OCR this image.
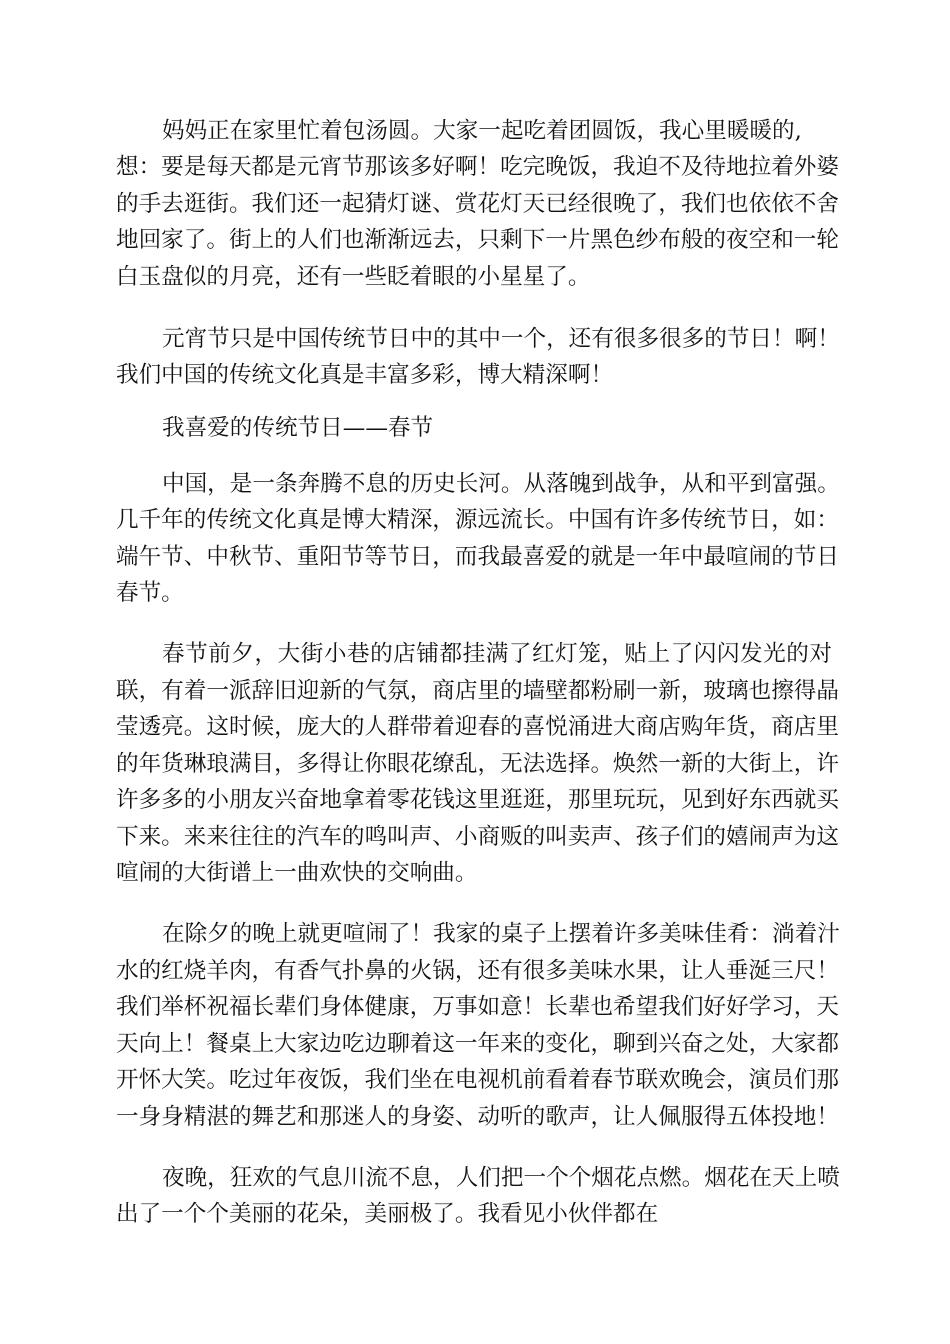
妈妈正在家里忙着包汤圆。大家一起吃着团圆饭，我心里暖暖的,
想：要是每天都是元宵节那该多好啊！吃完晚饭，我迫不及待地拉着外婆
的手去逛街。我们还一起猜灯谜、赏花灯天已经很晚了，我们也依依不舍
地回家了。街上的人们也渐渐远去，只剩下一片黑色纱布般的夜空和一轮
白玉盘似的月亮，还有一些眨着眼的小星星了。
元宵节只是中国传统节日中的其中一个，还有很多很多的节日！啊！
我们中国的传统文化真是丰富多彩，博大精深啊！
我喜爱的传统节日——春节
中国，是一条奔腾不息的历史长河。从落魄到战争，从和平到富强。
几千年的传统文化真是博大精深，源远流长。中国有许多传统节日，如：
端午节、中秋节、重阳节等节日，而我最喜爱的就是一年中最喧闹的节日
春节。
春节前夕，大街小巷的店铺都挂满了红灯笼，贴上了闪闪发光的对
联，有着一派辞旧迎新的气氛，商店里的墙壁都粉刷一新，玻璃也擦得晶
莹透亮。这时候，庞大的人群带着迎春的喜悦涌进大商店购年货，商店里
的年货琳琅满目，多得让你眼花缭乱，无法选择。焕然一新的大街上，许
许多多的小朋友兴奋地拿着零花钱这里逛逛，那里玩玩，见到好东西就买
下来。来来往往的汽车的鸣叫声、小商贩的叫卖声、孩子们的嬉闹声为这
喧闹的大街谱上一曲欢快的交响曲。
在除夕的晚上就更喧闹了！我家的桌子上摆着许多美味佳肴：淌着汁
水的红烧羊肉，有香气扑鼻的火锅，还有很多美味水果，让人垂涎三尺！
我们举杯祝福长辈们身体健康，万事如意！长辈也希望我们好好学习，天
天向上！餐桌上大家边吃边聊着这一年来的变化，聊到兴奋之处，大家都
开怀大笑。吃过年夜饭，我们坐在电视机前看着春节联欢晚会，演员们那
一身身精湛的舞艺和那迷人的身姿、动听的歌声，让人佩服得五体投地！
夜晚，狂欢的气息川流不息，人们把一个个烟花点燃。烟花在天上喷
出了一个个美丽的花朵，美丽极了。我看见小伙伴都在
